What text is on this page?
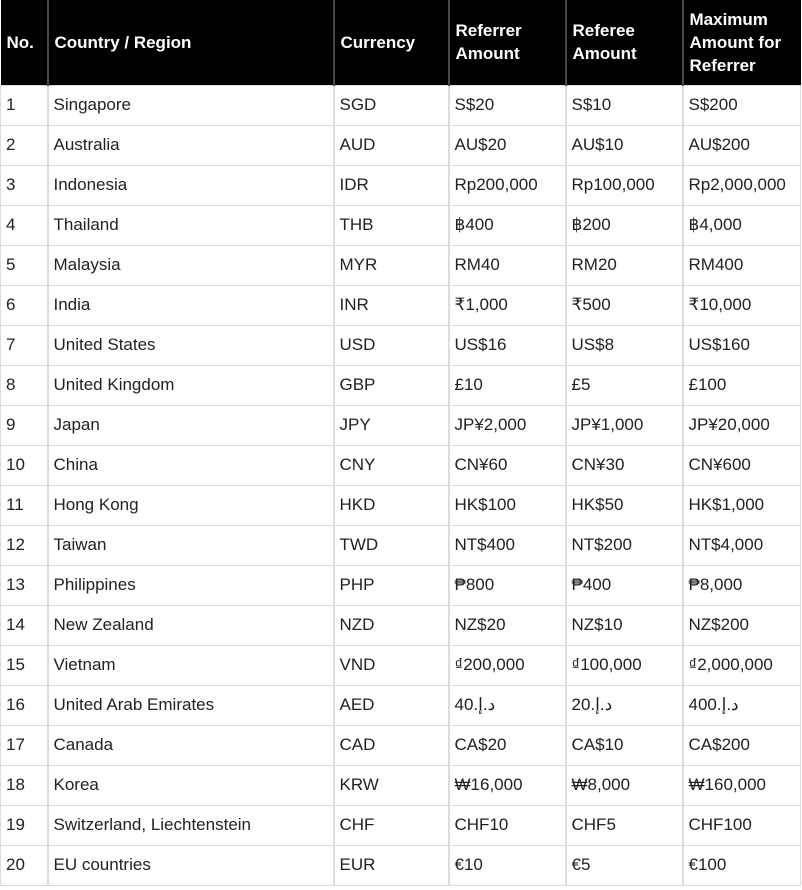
No.	Country / Region	Currency	Referrer Amount	Referee Amount	Maximum Amount for Referrer
1	Singapore	SGD	S$20	S$10	S$200
2	Australia	AUD	AU$20	AU$10	AU$200
3	Indonesia	IDR	Rp200,000	Rp100,000	Rp2,000,000
4	Thailand	THB	฿400	฿200	฿4,000
5	Malaysia	MYR	RM40	RM20	RM400
6	India	INR	₹1,000	₹500	₹10,000
7	United States	USD	US$16	US$8	US$160
8	United Kingdom	GBP	£10	£5	£100
9	Japan	JPY	JP¥2,000	JP¥1,000	JP¥20,000
10	China	CNY	CN¥60	CN¥30	CN¥600
11	Hong Kong	HKD	HK$100	HK$50	HK$1,000
12	Taiwan	TWD	NT$400	NT$200	NT$4,000
13	Philippines	PHP	₱800	₱400	₱8,000
14	New Zealand	NZD	NZ$20	NZ$10	NZ$200
15	Vietnam	VND	₫200,000	₫100,000	₫2,000,000
16	United Arab Emirates	AED	40.د.إ	20.د.إ	400.د.إ
17	Canada	CAD	CA$20	CA$10	CA$200
18	Korea	KRW	₩16,000	₩8,000	₩160,000
19	Switzerland, Liechtenstein	CHF	CHF10	CHF5	CHF100
20	EU countries	EUR	€10	€5	€100
